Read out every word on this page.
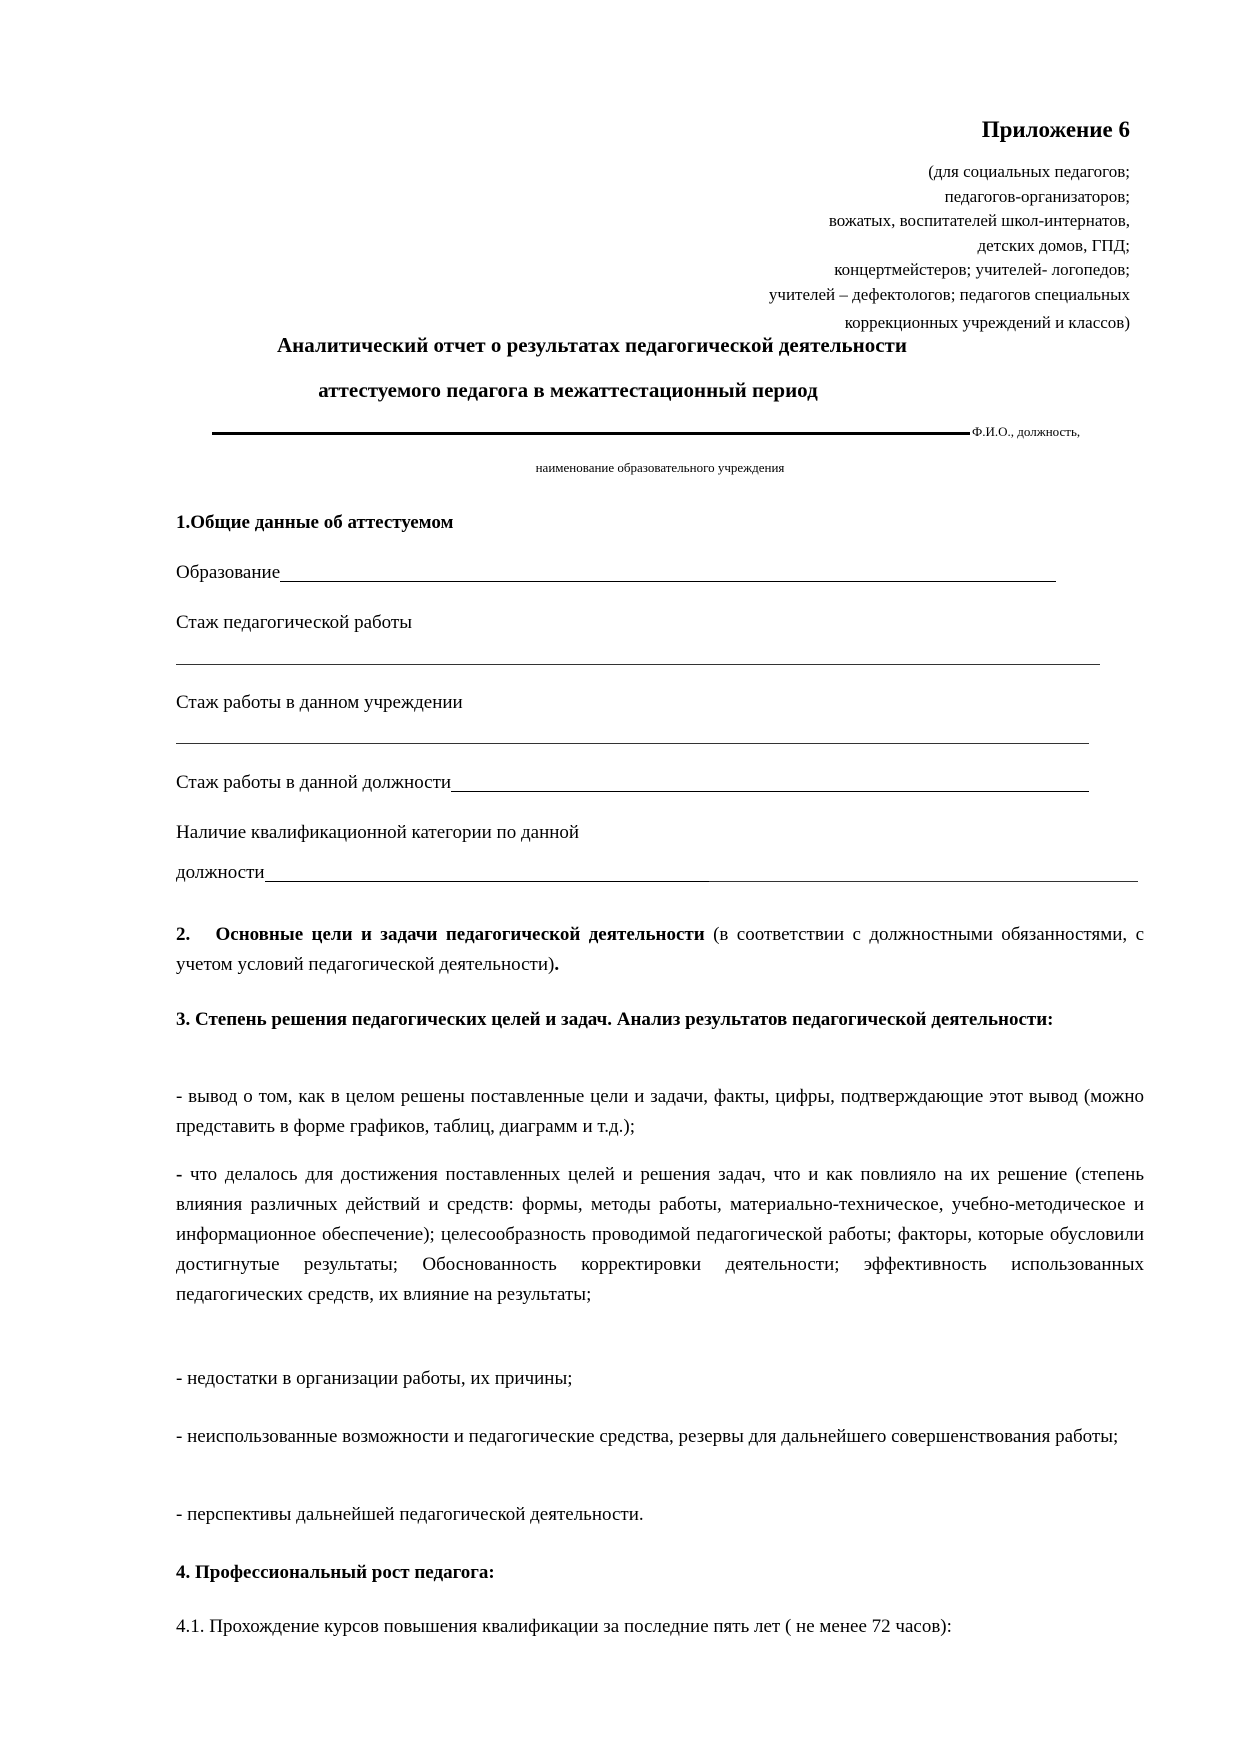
Приложение 6
(для социальных педагогов;
педагогов-организаторов;
вожатых, воспитателей школ-интернатов,
детских домов, ГПД;
концертмейстеров; учителей- логопедов;
учителей – дефектологов; педагогов специальных
коррекционных учреждений и классов)
Аналитический отчет о результатах педагогической деятельности
аттестуемого педагога в межаттестационный период
Ф.И.О., должность,
наименование образовательного учреждения
1.Общие данные об аттестуемом
Образование
Стаж педагогической работы
Стаж работы в данном учреждении
Стаж работы в данной должности
Наличие квалификационной категории по данной
должности
2. Основные цели и задачи педагогической деятельности (в соответствии с должностными обязанностями, с учетом условий педагогической деятельности).
3. Степень решения педагогических целей и задач. Анализ результатов педагогической деятельности:
- вывод о том, как в целом решены поставленные цели и задачи, факты, цифры, подтверждающие этот вывод (можно представить в форме графиков, таблиц, диаграмм и т.д.);
- что делалось для достижения поставленных целей и решения задач, что и как повлияло на их решение (степень влияния различных действий и средств: формы, методы работы, материально-техническое, учебно-методическое и информационное обеспечение); целесообразность проводимой педагогической работы; факторы, которые обусловили достигнутые результаты; Обоснованность корректировки деятельности; эффективность использованных педагогических средств, их влияние на результаты;
- недостатки в организации работы, их причины;
- неиспользованные возможности и педагогические средства, резервы для дальнейшего совершенствования работы;
- перспективы дальнейшей педагогической деятельности.
4. Профессиональный рост педагога:
4.1. Прохождение курсов повышения квалификации за последние пять лет ( не менее 72 часов):
